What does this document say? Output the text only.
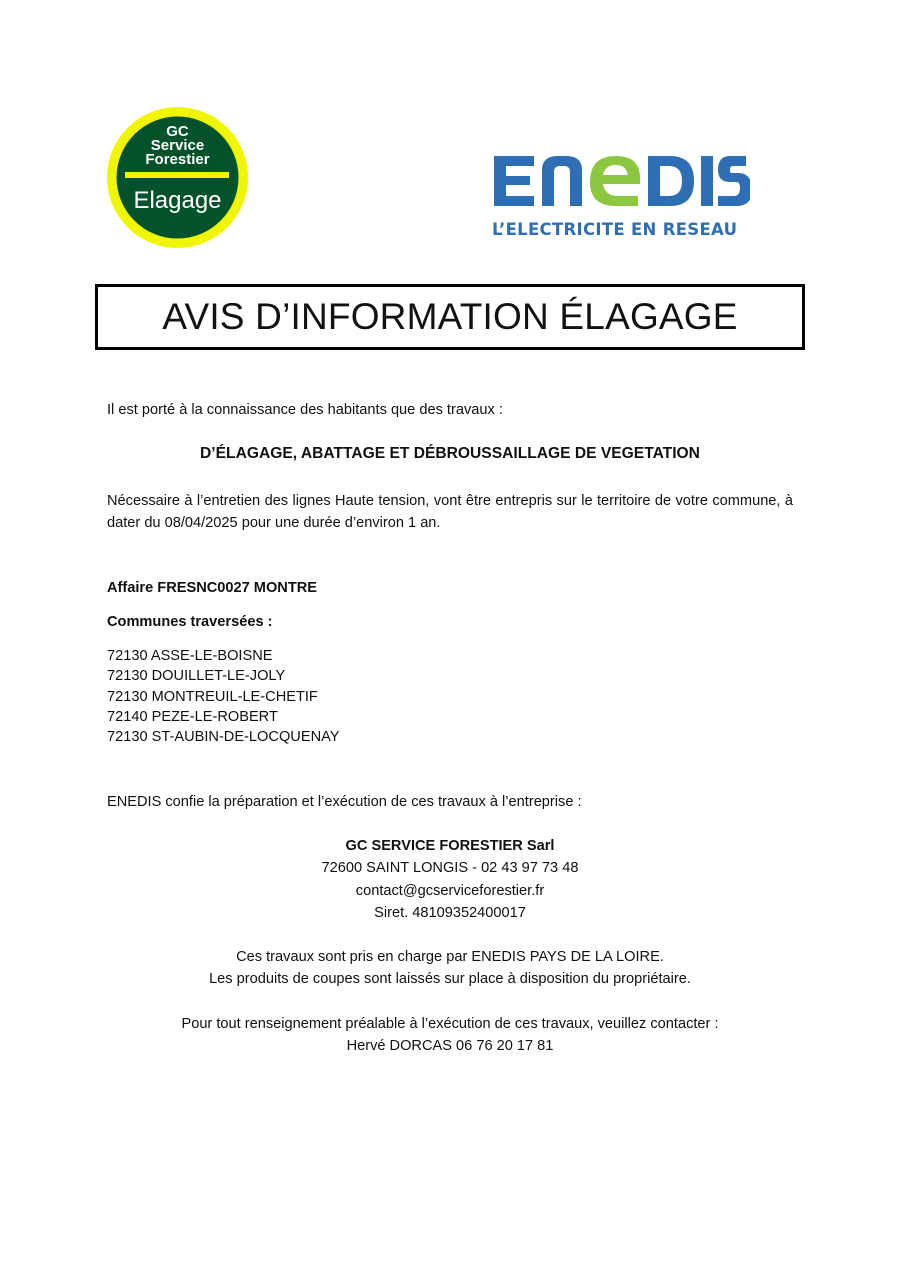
GC
Service
Forestier
Elagage
L’ELECTRICITE EN RESEAU
AVIS D’INFORMATION ÉLAGAGE
Il est porté à la connaissance des habitants que des travaux :
D’ÉLAGAGE, ABATTAGE ET DÉBROUSSAILLAGE DE VEGETATION
Nécessaire à l’entretien des lignes Haute tension, vont être entrepris sur le territoire de votre commune, à dater du 08/04/2025 pour une durée d’environ 1 an.
Affaire FRESNC0027 MONTRE
Communes traversées :
72130 ASSE-LE-BOISNE
72130 DOUILLET-LE-JOLY
72130 MONTREUIL-LE-CHETIF
72140 PEZE-LE-ROBERT
72130 ST-AUBIN-DE-LOCQUENAY
ENEDIS confie la préparation et l’exécution de ces travaux à l’entreprise :
GC SERVICE FORESTIER Sarl
72600 SAINT LONGIS - 02 43 97 73 48
contact@gcserviceforestier.fr
Siret. 48109352400017
Ces travaux sont pris en charge par ENEDIS PAYS DE LA LOIRE.
Les produits de coupes sont laissés sur place à disposition du propriétaire.
Pour tout renseignement préalable à l’exécution de ces travaux, veuillez contacter :
Hervé DORCAS 06 76 20 17 81
